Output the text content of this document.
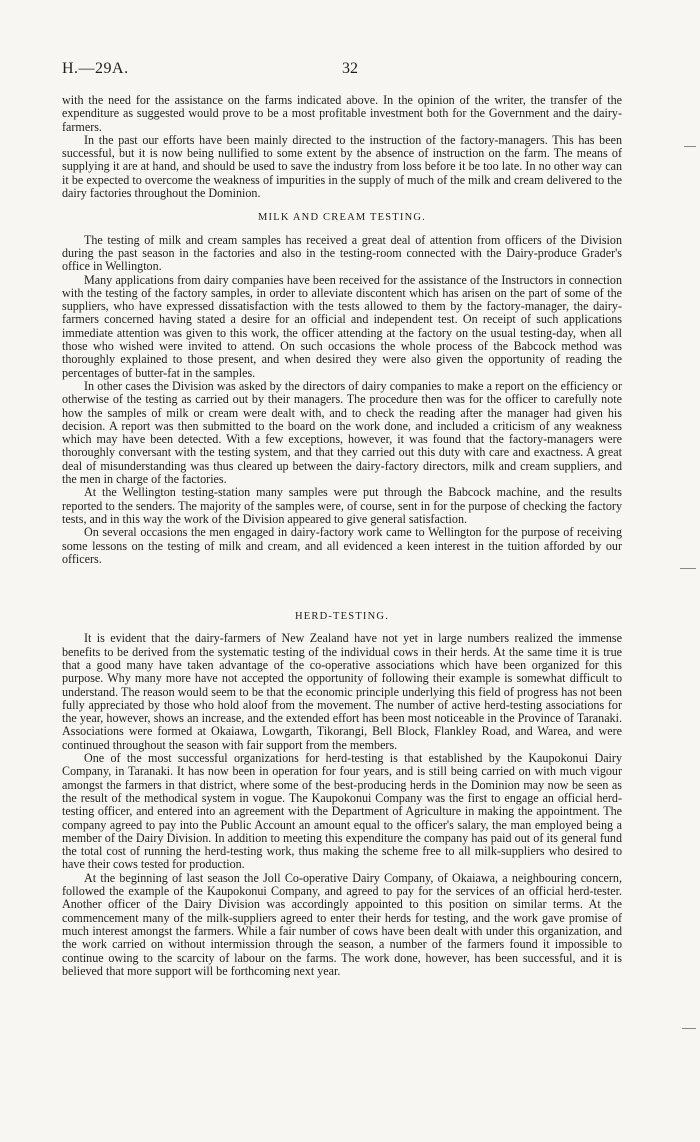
H.—29A.	32

with the need for the assistance on the farms indicated above. In the opinion of the writer, the transfer of the expenditure as suggested would prove to be a most profitable investment both for the Government and the dairy-farmers.

In the past our efforts have been mainly directed to the instruction of the factory-managers. This has been successful, but it is now being nullified to some extent by the absence of instruction on the farm. The means of supplying it are at hand, and should be used to save the industry from loss before it be too late. In no other way can it be expected to overcome the weakness of impurities in the supply of much of the milk and cream delivered to the dairy factories throughout the Dominion.

MILK AND CREAM TESTING.

The testing of milk and cream samples has received a great deal of attention from officers of the Division during the past season in the factories and also in the testing-room connected with the Dairy-produce Grader's office in Wellington.

Many applications from dairy companies have been received for the assistance of the Instructors in connection with the testing of the factory samples, in order to alleviate discontent which has arisen on the part of some of the suppliers, who have expressed dissatisfaction with the tests allowed to them by the factory-manager, the dairy-farmers concerned having stated a desire for an official and independent test. On receipt of such applications immediate attention was given to this work, the officer attending at the factory on the usual testing-day, when all those who wished were invited to attend. On such occasions the whole process of the Babcock method was thoroughly explained to those present, and when desired they were also given the opportunity of reading the percentages of butter-fat in the samples.

In other cases the Division was asked by the directors of dairy companies to make a report on the efficiency or otherwise of the testing as carried out by their managers. The procedure then was for the officer to carefully note how the samples of milk or cream were dealt with, and to check the reading after the manager had given his decision. A report was then submitted to the board on the work done, and included a criticism of any weakness which may have been detected. With a few exceptions, however, it was found that the factory-managers were thoroughly conversant with the testing system, and that they carried out this duty with care and exactness. A great deal of misunderstanding was thus cleared up between the dairy-factory directors, milk and cream suppliers, and the men in charge of the factories.

At the Wellington testing-station many samples were put through the Babcock machine, and the results reported to the senders. The majority of the samples were, of course, sent in for the purpose of checking the factory tests, and in this way the work of the Division appeared to give general satisfaction.

On several occasions the men engaged in dairy-factory work came to Wellington for the purpose of receiving some lessons on the testing of milk and cream, and all evidenced a keen interest in the tuition afforded by our officers.

HERD-TESTING.

It is evident that the dairy-farmers of New Zealand have not yet in large numbers realized the immense benefits to be derived from the systematic testing of the individual cows in their herds. At the same time it is true that a good many have taken advantage of the co-operative associations which have been organized for this purpose. Why many more have not accepted the opportunity of following their example is somewhat difficult to understand. The reason would seem to be that the economic principle underlying this field of progress has not been fully appreciated by those who hold aloof from the movement. The number of active herd-testing associations for the year, however, shows an increase, and the extended effort has been most noticeable in the Province of Taranaki. Associations were formed at Okaiawa, Lowgarth, Tikorangi, Bell Block, Flankley Road, and Warea, and were continued throughout the season with fair support from the members.

One of the most successful organizations for herd-testing is that established by the Kaupokonui Dairy Company, in Taranaki. It has now been in operation for four years, and is still being carried on with much vigour amongst the farmers in that district, where some of the best-producing herds in the Dominion may now be seen as the result of the methodical system in vogue. The Kaupokonui Company was the first to engage an official herd-testing officer, and entered into an agreement with the Department of Agriculture in making the appointment. The company agreed to pay into the Public Account an amount equal to the officer's salary, the man employed being a member of the Dairy Division. In addition to meeting this expenditure the company has paid out of its general fund the total cost of running the herd-testing work, thus making the scheme free to all milk-suppliers who desired to have their cows tested for production.

At the beginning of last season the Joll Co-operative Dairy Company, of Okaiawa, a neighbouring concern, followed the example of the Kaupokonui Company, and agreed to pay for the services of an official herd-tester. Another officer of the Dairy Division was accordingly appointed to this position on similar terms. At the commencement many of the milk-suppliers agreed to enter their herds for testing, and the work gave promise of much interest amongst the farmers. While a fair number of cows have been dealt with under this organization, and the work carried on without intermission through the season, a number of the farmers found it impossible to continue owing to the scarcity of labour on the farms. The work done, however, has been successful, and it is believed that more support will be forthcoming next year.
